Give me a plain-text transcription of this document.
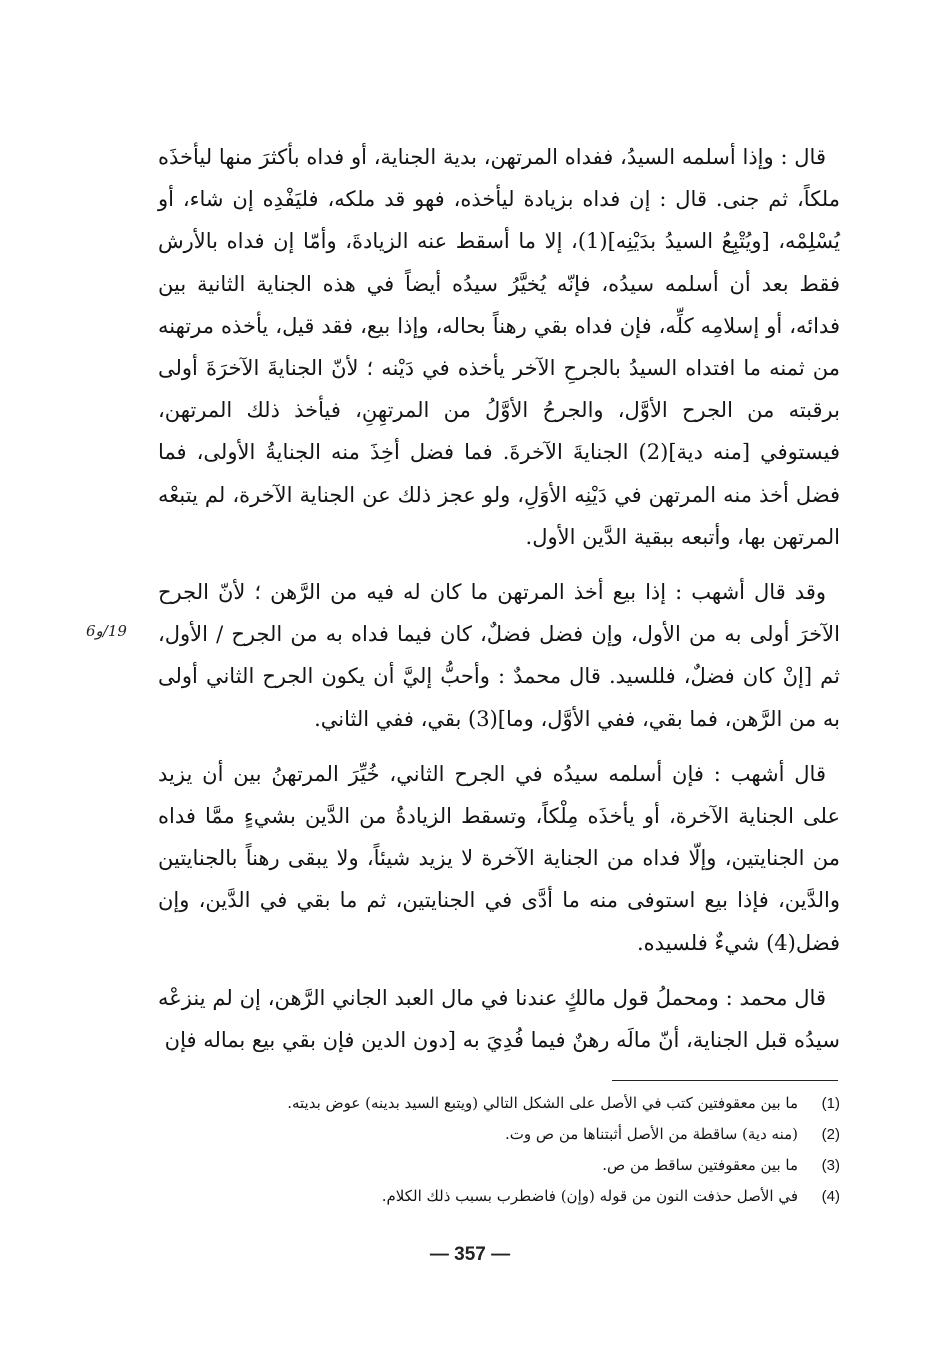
قال : وإذا أسلمه السيدُ، ففداه المرتهن، بدية الجناية، أو فداه بأكثرَ منها ليأخذَه ملكاً، ثم جنى. قال : إن فداه بزيادة ليأخذه، فهو قد ملكه، فليَفْدِه إن شاء، أو يُسْلِمْه، [ويُتْبِعُ السيدُ بدَيْنِه](1)، إلا ما أسقط عنه الزيادةَ، وأمّا إن فداه بالأرش فقط بعد أن أسلمه سيدُه، فإنّه يُخيَّرُ سيدُه أيضاً في هذه الجناية الثانية بين فدائه، أو إسلامِه كلِّه، فإن فداه بقي رهناً بحاله، وإذا بيع، فقد قيل، يأخذه مرتهنه من ثمنه ما افتداه السيدُ بالجرحِ الآخر يأخذه في دَيْنه ؛ لأنّ الجنايةَ الآخرَةَ أولى برقبته من الجرح الأوَّل، والجرحُ الأوَّلُ من المرتهِنِ، فيأخذ ذلك المرتهن، فيستوفي [منه دية](2) الجنايةَ الآخرةَ. فما فضل أخِذَ منه الجنايةُ الأولى، فما فضل أخذ منه المرتهن في دَيْنِه الأوَلِ، ولو عجز ذلك عن الجناية الآخرة، لم يتبعْه المرتهن بها، وأتبعه ببقية الدَّين الأول.

وقد قال أشهب : إذا بيع أخذ المرتهن ما كان له فيه من الرَّهن ؛ لأنّ الجرح الآخرَ أولى به من الأول، وإن فضل فضلٌ، كان فيما فداه به من الجرح / الأول، ثم [إنْ كان فضلٌ، فللسيد. قال محمدٌ : وأحبُّ إليَّ أن يكون الجرح الثاني أولى به من الرَّهن، فما بقي، ففي الأوَّل، وما](3) بقي، ففي الثاني.

قال أشهب : فإن أسلمه سيدُه في الجرح الثاني، خُيِّرَ المرتهنُ بين أن يزيد على الجناية الآخرة، أو يأخذَه مِلْكاً، وتسقط الزيادةُ من الدَّين بشيءٍ ممَّا فداه من الجنايتين، وإلّا فداه من الجناية الآخرة لا يزيد شيئاً، ولا يبقى رهناً بالجنايتين والدَّين، فإذا بيع استوفى منه ما أدَّى في الجنايتين، ثم ما بقي في الدَّين، وإن فضل(4) شيءٌ فلسيده.

قال محمد : ومحملُ قول مالكٍ عندنا في مال العبد الجاني الرَّهن، إن لم ينزعْه سيدُه قبل الجناية، أنّ مالَه رهنٌ فيما فُدِيَ به [دون الدين فإن بقي بيع بماله فإن

19/و6
(1)
ما بين معقوفتين كتب في الأصل على الشكل التالي (ويتبع السيد بدينه) عوض بديته.
(2)
(منه دية) ساقطة من الأصل أثبتناها من ص وت.
(3)
ما بين معقوفتين ساقط من ص.
(4)
في الأصل حذفت النون من قوله (وإن) فاضطرب بسبب ذلك الكلام.
— 357 —
